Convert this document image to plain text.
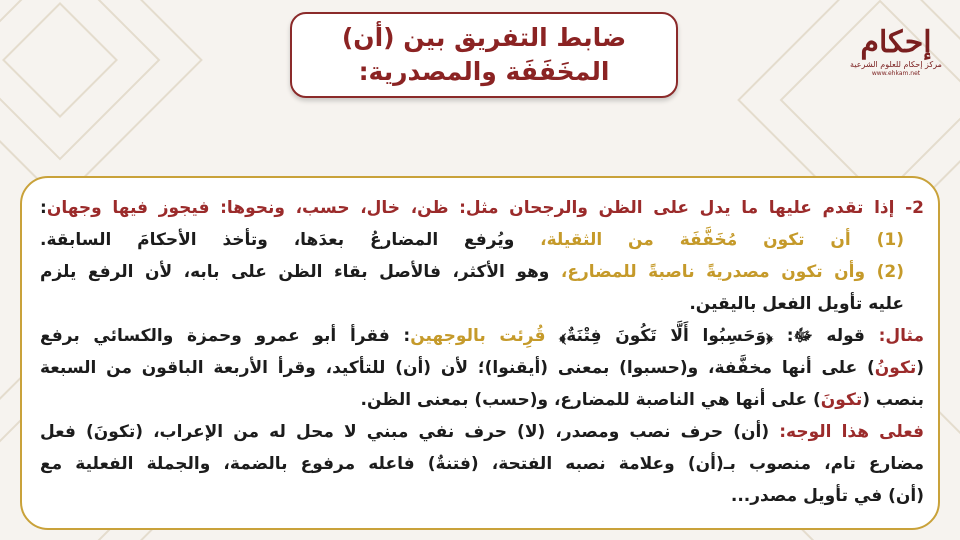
إحكام
مركز إحكام للعلوم الشرعية
www.ehkam.net
ضابط التفريق بين (أن)
المخَفَفَة والمصدرية:
2- إذا تقدم عليها ما يدل على الظن والرجحان مثل: ظن، خال، حسب، ونحوها: فيجوز فيها وجهان:
(1) أن تكون مُخَفَّفَة من الثقيلة، ويُرفع المضارعُ بعدَها، وتأخذ الأحكامَ السابقة.
(2) وأن تكون مصدريةً ناصبةً للمضارع، وهو الأكثر، فالأصل بقاء الظن على بابه، لأن الرفع يلزم
عليه تأويل الفعل باليقين.
مثال: قوله ﷻ: ﴿وَحَسِبُوا أَلَّا تَكُونَ فِتْنَةٌ﴾ قُرِئت بالوجهين: فقرأ أبو عمرو وحمزة والكسائي برفع
(تكونُ) على أنها مخفَّفة، و(حسبوا) بمعنى (أيقنوا)؛ لأن (أن) للتأكيد، وقرأ الأربعة الباقون من السبعة
بنصب (تكونَ) على أنها هي الناصبة للمضارع، و(حسب) بمعنى الظن.
فعلى هذا الوجه: (أن) حرف نصب ومصدر، (لا) حرف نفي مبني لا محل له من الإعراب، (تكونَ) فعل
مضارع تام، منصوب بـ(أن) وعلامة نصبه الفتحة، (فتنةٌ) فاعله مرفوع بالضمة، والجملة الفعلية مع
(أن) في تأويل مصدر...
